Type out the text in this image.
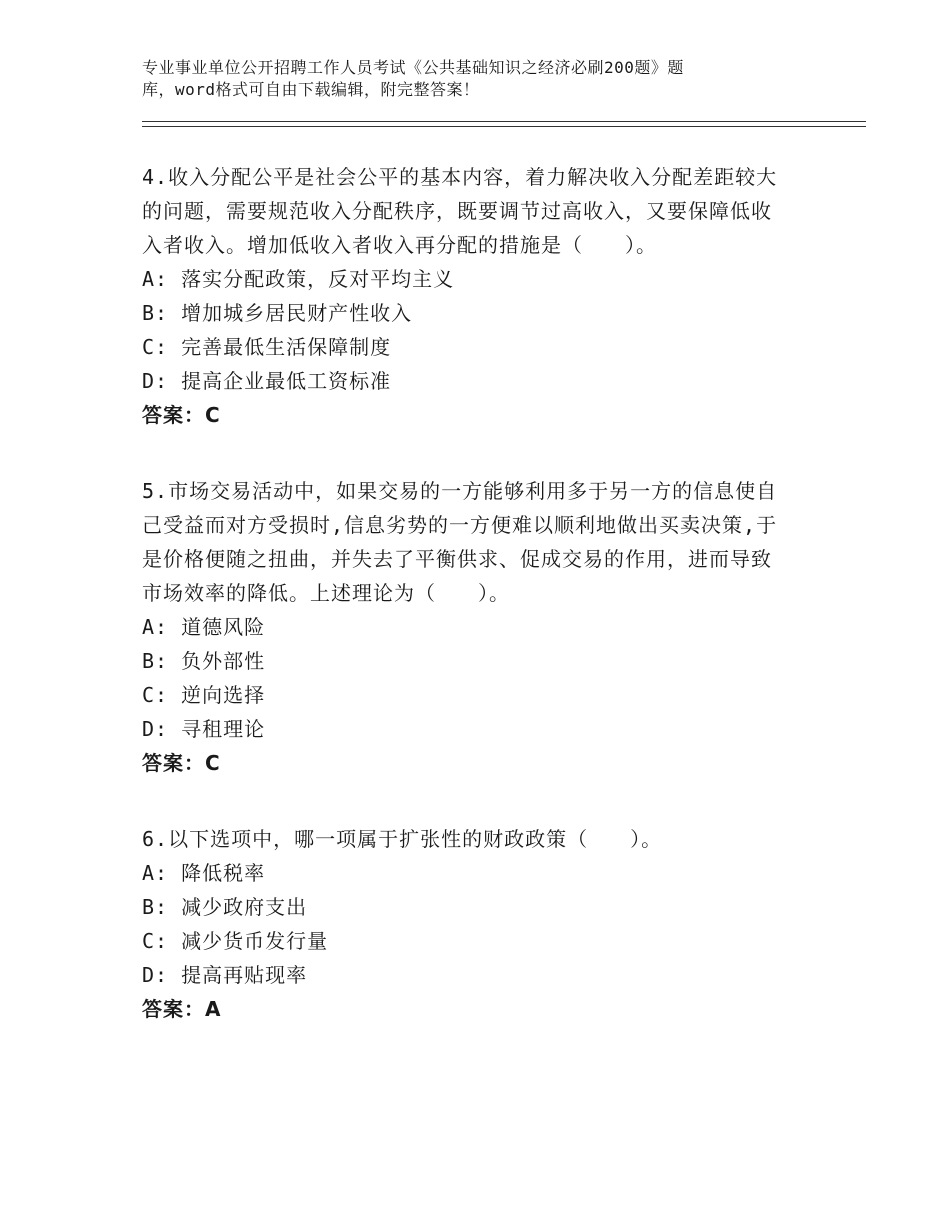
专业事业单位公开招聘工作人员考试《公共基础知识之经济必刷200题》题
库，word格式可自由下载编辑，附完整答案！
4.收入分配公平是社会公平的基本内容，着力解决收入分配差距较大
的问题，需要规范收入分配秩序，既要调节过高收入，又要保障低收
入者收入。增加低收入者收入再分配的措施是（　　）。
A: 落实分配政策，反对平均主义
B: 增加城乡居民财产性收入
C: 完善最低生活保障制度
D: 提高企业最低工资标准
答案：C
5.市场交易活动中，如果交易的一方能够利用多于另一方的信息使自
己受益而对方受损时,信息劣势的一方便难以顺利地做出买卖决策,于
是价格便随之扭曲，并失去了平衡供求、促成交易的作用，进而导致
市场效率的降低。上述理论为（　　）。
A: 道德风险
B: 负外部性
C: 逆向选择
D: 寻租理论
答案：C
6.以下选项中，哪一项属于扩张性的财政政策（　　）。
A: 降低税率
B: 减少政府支出
C: 减少货币发行量
D: 提高再贴现率
答案：A
